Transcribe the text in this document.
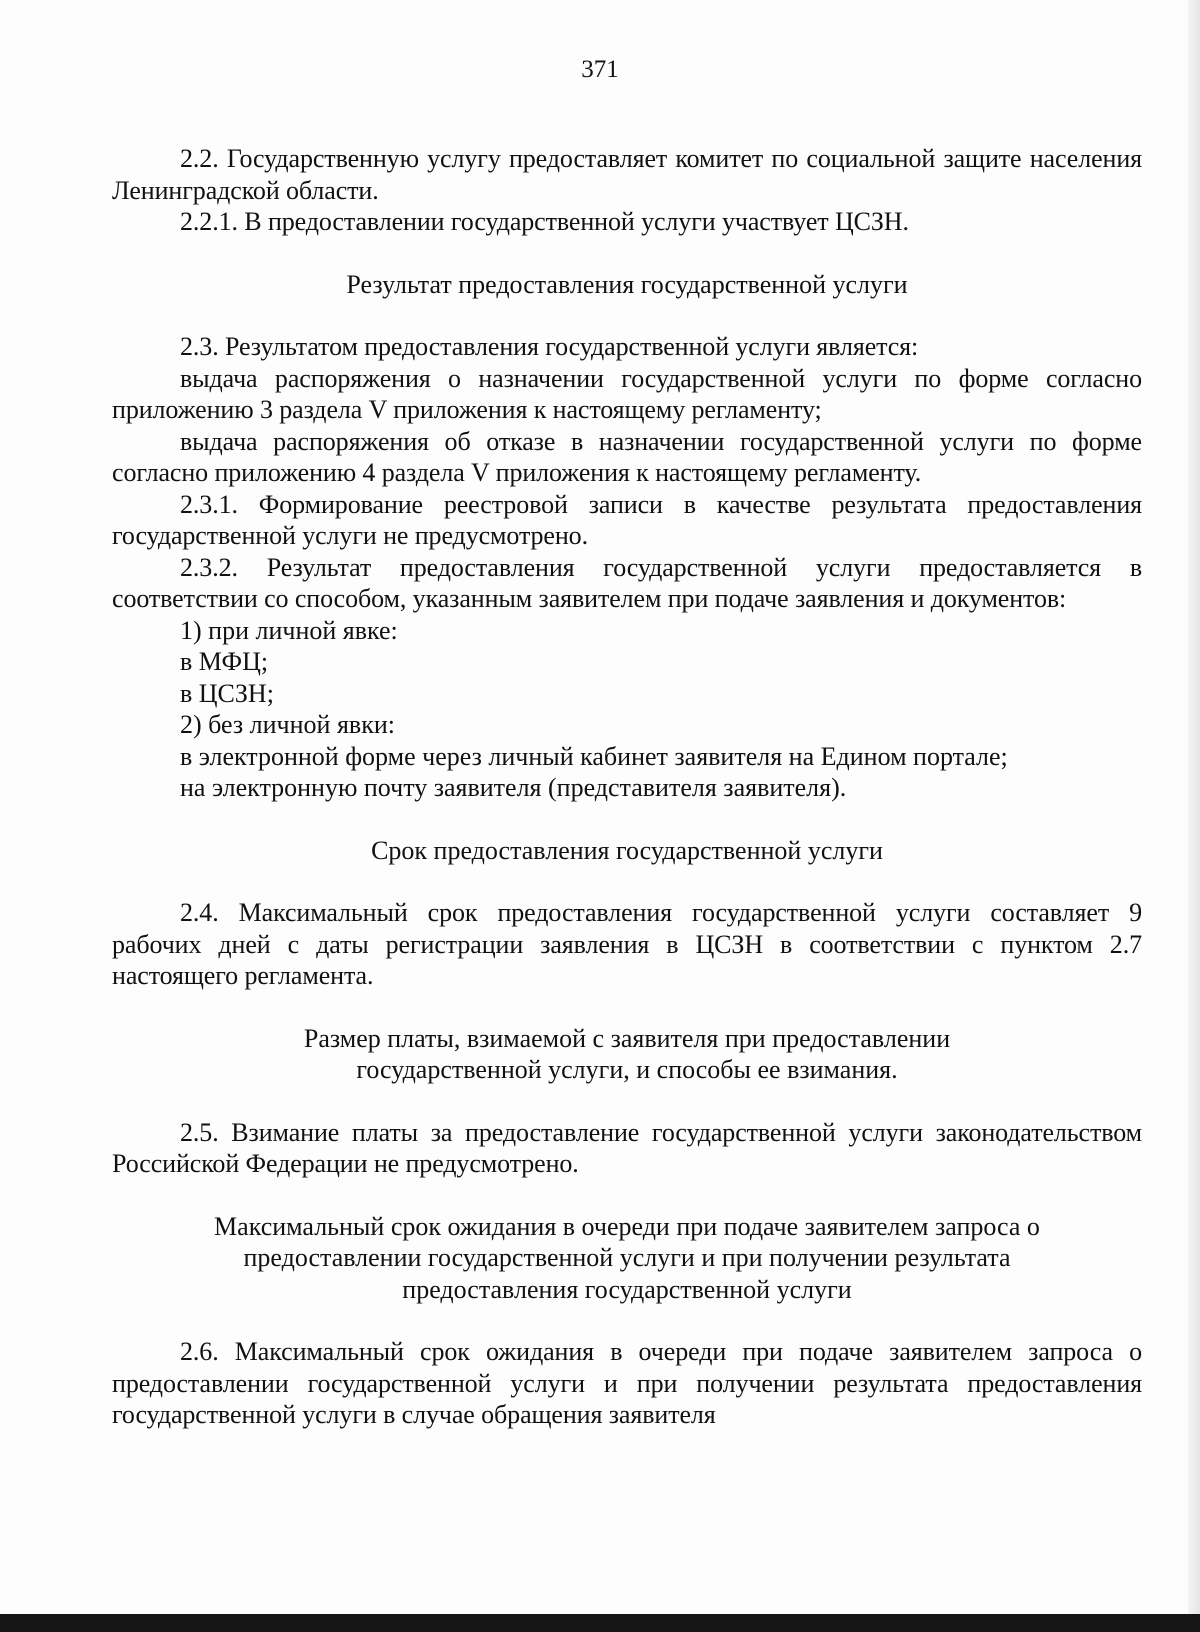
371

2.2. Государственную услугу предоставляет комитет по социальной защите населения Ленинградской области.

2.2.1. В предоставлении государственной услуги участвует ЦСЗН.

Результат предоставления государственной услуги

2.3. Результатом предоставления государственной услуги является:

выдача распоряжения о назначении государственной услуги по форме согласно приложению 3 раздела V приложения к настоящему регламенту;

выдача распоряжения об отказе в назначении государственной услуги по форме согласно приложению 4 раздела V приложения к настоящему регламенту.

2.3.1. Формирование реестровой записи в качестве результата предоставления государственной услуги не предусмотрено.

2.3.2. Результат предоставления государственной услуги предоставляется в соответствии со способом, указанным заявителем при подаче заявления и документов:

1) при личной явке:

в МФЦ;

в ЦСЗН;

2) без личной явки:

в электронной форме через личный кабинет заявителя на Едином портале;

на электронную почту заявителя (представителя заявителя).

Срок предоставления государственной услуги

2.4. Максимальный срок предоставления государственной услуги составляет 9 рабочих дней с даты регистрации заявления в ЦСЗН в соответствии с пунктом 2.7 настоящего регламента.

Размер платы, взимаемой с заявителя при предоставлении

государственной услуги, и способы ее взимания.

2.5. Взимание платы за предоставление государственной услуги законодательством Российской Федерации не предусмотрено.

Максимальный срок ожидания в очереди при подаче заявителем запроса о

предоставлении государственной услуги и при получении результата

предоставления государственной услуги

2.6. Максимальный срок ожидания в очереди при подаче заявителем запроса о предоставлении государственной услуги и при получении результата предоставления государственной услуги в случае обращения заявителя
